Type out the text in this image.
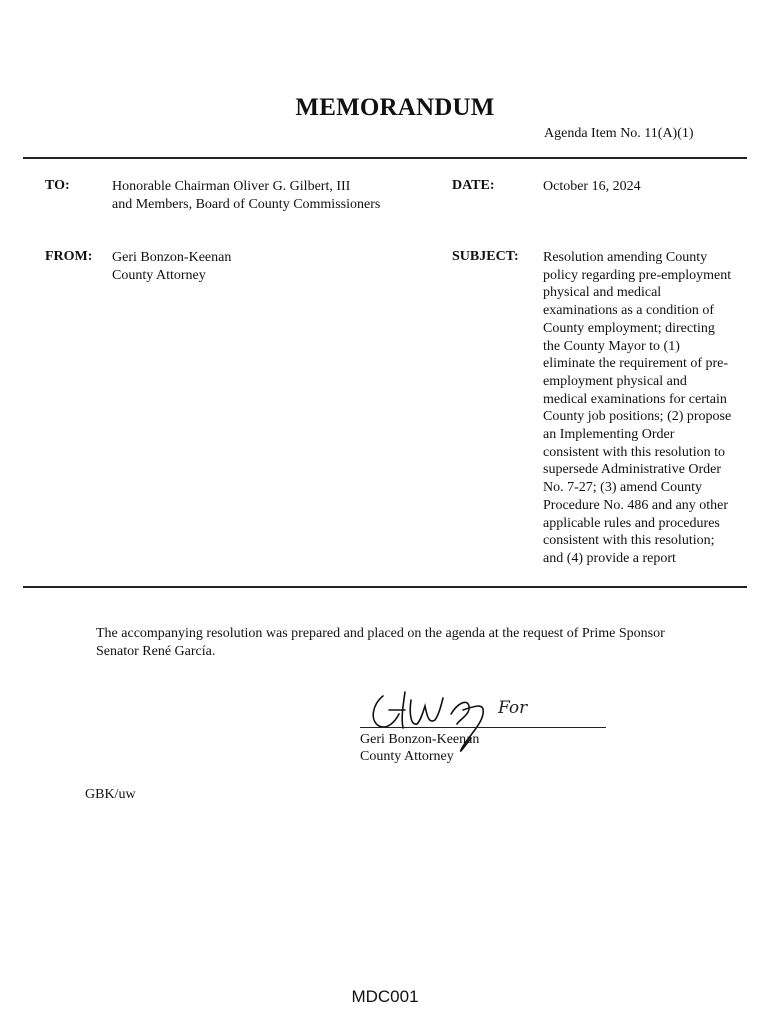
MEMORANDUM
Agenda Item No. 11(A)(1)
TO:	Honorable Chairman Oliver G. Gilbert, III
and Members, Board of County Commissioners
DATE:	October 16, 2024
FROM: Geri Bonzon-Keenan
County Attorney
SUBJECT: Resolution amending County
policy regarding pre-employment
physical and medical
examinations as a condition of
County employment; directing
the County Mayor to (1)
eliminate the requirement of pre-
employment physical and
medical examinations for certain
County job positions; (2) propose
an Implementing Order
consistent with this resolution to
supersede Administrative Order
No. 7-27; (3) amend County
Procedure No. 486 and any other
applicable rules and procedures
consistent with this resolution;
and (4) provide a report
The accompanying resolution was prepared and placed on the agenda at the request of Prime Sponsor
Senator René García.
For
Geri Bonzon-Keenan
County Attorney
GBK/uw
MDC001
